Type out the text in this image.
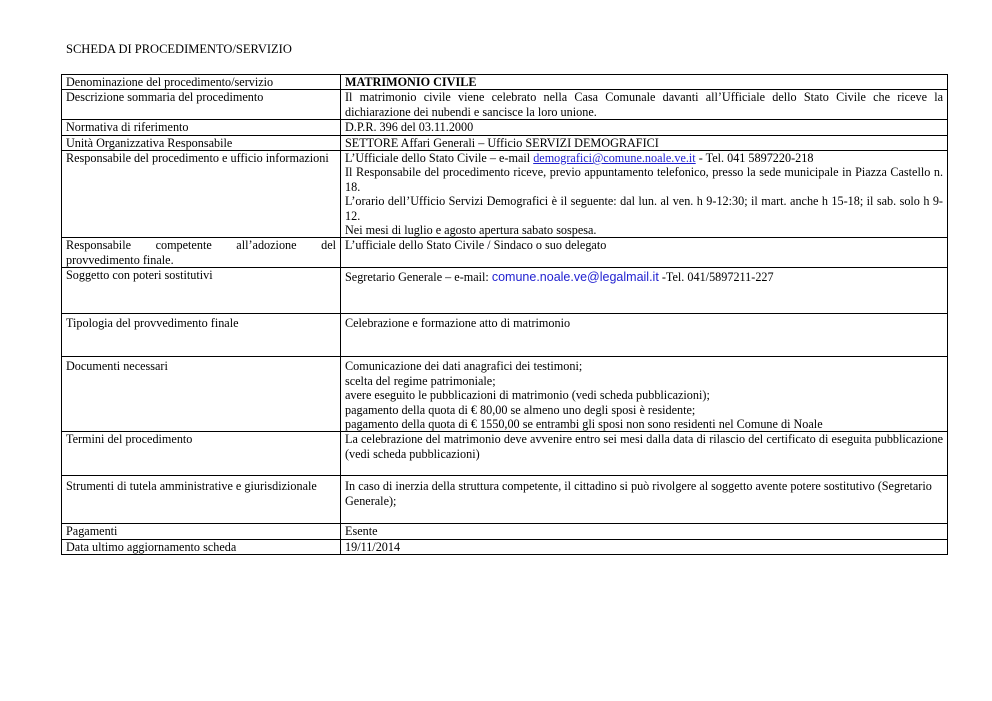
SCHEDA DI PROCEDIMENTO/SERVIZIO
Denominazione del procedimento/servizio	MATRIMONIO CIVILE
Descrizione sommaria del procedimento	Il matrimonio civile viene celebrato nella Casa Comunale davanti all’Ufficiale dello Stato Civile che riceve la dichiarazione dei nubendi e sancisce la loro unione.
Normativa di riferimento	D.P.R. 396 del 03.11.2000
Unità Organizzativa Responsabile	SETTORE Affari Generali – Ufficio SERVIZI DEMOGRAFICI
Responsabile del procedimento e ufficio informazioni	L’Ufficiale dello Stato Civile – e-mail demografici@comune.noale.ve.it - Tel. 041 5897220-218
Il Responsabile del procedimento riceve, previo appuntamento telefonico, presso la sede municipale in Piazza Castello n. 18.
L’orario dell’Ufficio Servizi Demografici è il seguente: dal lun. al ven. h 9-12:30; il mart. anche h 15-18; il sab. solo h 9-12.
Nei mesi di luglio e agosto apertura sabato sospesa.

Responsabile competente all’adozione del provvedimento finale.	L’ufficiale dello Stato Civile / Sindaco o suo delegato
Soggetto con poteri sostitutivi	Segretario Generale – e-mail: comune.noale.ve@legalmail.it -Tel. 041/5897211-227
Tipologia del provvedimento finale	Celebrazione e formazione atto di matrimonio
Documenti necessari	Comunicazione dei dati anagrafici dei testimoni;
scelta del regime patrimoniale;
avere eseguito le pubblicazioni di matrimonio (vedi scheda pubblicazioni);
pagamento della quota di € 80,00 se almeno uno degli sposi è residente;
pagamento della quota di € 1550,00 se entrambi gli sposi non sono residenti nel Comune di Noale

Termini del procedimento	La celebrazione del matrimonio deve avvenire entro sei mesi dalla data di rilascio del certificato di eseguita pubblicazione (vedi scheda pubblicazioni)
Strumenti di tutela amministrative e giurisdizionale	In caso di inerzia della struttura competente, il cittadino si può rivolgere al soggetto avente potere sostitutivo (Segretario Generale);
Pagamenti	Esente
Data ultimo aggiornamento scheda	19/11/2014
